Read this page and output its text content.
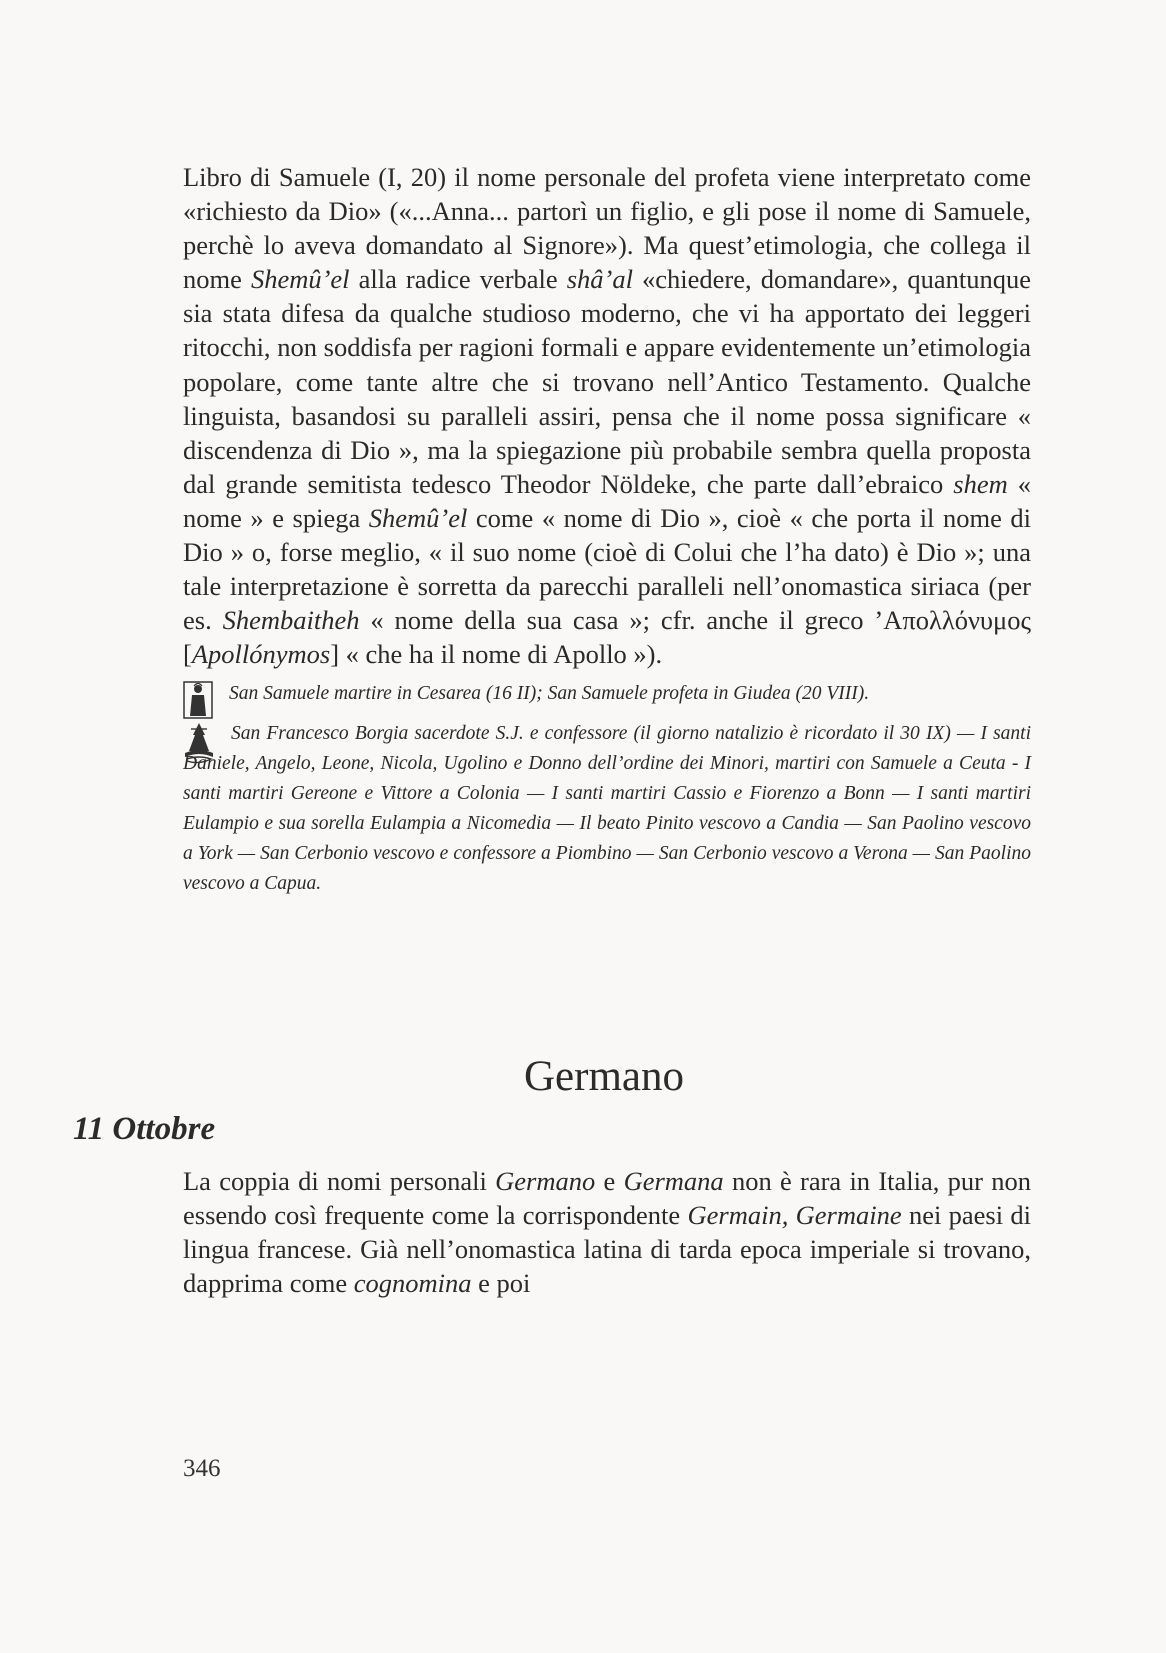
Libro di Samuele (I, 20) il nome personale del profeta viene interpretato come «richiesto da Dio» («...Anna... partorì un figlio, e gli pose il nome di Samuele, perchè lo aveva domandato al Signore»). Ma quest’etimologia, che collega il nome Shemû’el alla radice verbale shâ’al «chiedere, domandare», quantunque sia stata difesa da qualche studioso moderno, che vi ha apportato dei leggeri ritocchi, non soddisfa per ragioni formali e appare evidentemente un’etimologia popolare, come tante altre che si trovano nell’Antico Testamento. Qualche linguista, basandosi su paralleli assiri, pensa che il nome possa significare « discendenza di Dio », ma la spiegazione più probabile sembra quella proposta dal grande semitista tedesco Theodor Nöldeke, che parte dall’ebraico shem « nome » e spiega Shemû’el come « nome di Dio », cioè « che porta il nome di Dio » o, forse meglio, « il suo nome (cioè di Colui che l’ha dato) è Dio »; una tale interpretazione è sorretta da parecchi paralleli nell’onomastica siriaca (per es. Shembaitheh « nome della sua casa »; cfr. anche il greco ’Απολλόνυμος [Apollónymos] « che ha il nome di Apollo »).

San Samuele martire in Cesarea (16 II); San Samuele profeta in Giudea (20 VIII).
San Francesco Borgia sacerdote S.J. e confessore (il giorno natalizio è ricordato il 30 IX) — I santi Daniele, Angelo, Leone, Nicola, Ugolino e Donno dell’ordine dei Minori, martiri con Samuele a Ceuta - I santi martiri Gereone e Vittore a Colonia — I santi martiri Cassio e Fiorenzo a Bonn — I santi martiri Eulampio e sua sorella Eulampia a Nicomedia — Il beato Pinito vescovo a Candia — San Paolino vescovo a York — San Cerbonio vescovo e confessore a Piombino — San Cerbonio vescovo a Verona — San Paolino vescovo a Capua.
Germano
11 Ottobre

La coppia di nomi personali Germano e Germana non è rara in Italia, pur non essendo così frequente come la corrispondente Germain, Germaine nei paesi di lingua francese. Già nell’onomastica latina di tarda epoca imperiale si trovano, dapprima come cognomina e poi

346
